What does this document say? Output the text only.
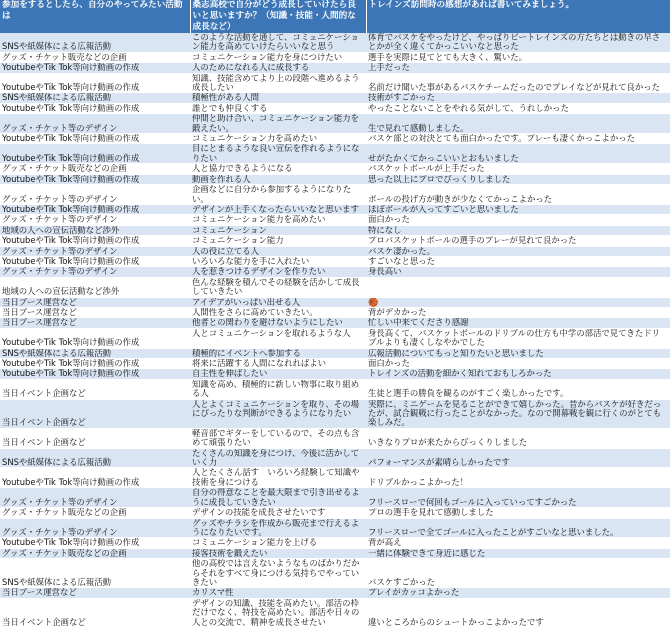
参加をするとしたら、自分のやってみたい活動は	桑志高校で自分がどう成長していけたら良いと思いますか？（知識・技能・人間的な成長など）	トレインズ訪問時の感想があれば書いてみましょう。
SNSや紙媒体による広報活動	このような活動を通して、コミュニケーション能力を高めていけたらいいなと思う	体育でバスケをやったけど、やっぱりビートレインズの方たちとは動きの早さとかが全く違くてかっこいいなと思った
グッズ・チケット販売などの企画	コミュニケーション能力を身につけたい	選手を実際に見てとても大きく、驚いた。
YoutubeやTik Tok等向け動画の作成	人のためになれる人に成長する	上手だった
YoutubeやTik Tok等向け動画の作成	知識、技能含めてより上の段階へ進めるよう成長したい	名前だけ聞いた事があるバスケチームだったのでプレイなどが見れて良かった
SNSや紙媒体による広報活動	積極性がある人間	技術がすごかった
YoutubeやTik Tok等向け動画の作成	誰とでも仲良くする	やったことないことをやれる気がして、うれしかった
グッズ・チケット等のデザイン	仲間と助け合い、コミュニケーション能力を鍛えたい。	生で見れて感動しました。
YoutubeやTik Tok等向け動画の作成	コミュニケーション力を高めたい	バスケ部との対決とても面白かったです。プレーも凄くかっこよかった
YoutubeやTik Tok等向け動画の作成	目にとまるような良い宣伝を作れるようになりたい	せがたかくてかっこいいとおもいました
グッズ・チケット販売などの企画	人と協力できるようになる	バスケットボールが上手だった
YoutubeやTik Tok等向け動画の作成	動画を作れる人	思った以上にプロでびっくりしました
グッズ・チケット等のデザイン	企画などに自分から参加するようになりたい。	ボールの投げ方が動きが少なくてかっこよかった
YoutubeやTik Tok等向け動画の作成	デザインが上手くなったらいいなと思います	ほぼボールが入ってすごいと思いました
グッズ・チケット等のデザイン	コミュニケーション能力を高めたい	面白かった
地域の人への宣伝活動など渉外	コミュニケーション	特になし
YoutubeやTik Tok等向け動画の作成	コミュニケーション能力	プロバスケットボールの選手のプレーが見れて良かった
グッズ・チケット等のデザイン	人の役に立てる人	バスケ凄かった。
YoutubeやTik Tok等向け動画の作成	いろいろな能力を手に入れたい	すごいなと思った
グッズ・チケット等のデザイン	人を惹きつけるデザインを作りたい	身長高い
地域の人への宣伝活動など渉外	色んな経験を積んでその経験を活かして成長していきたい	
当日ブース運営など	アイデアがいっぱい出せる人	🏀
当日ブース運営など	人間性をさらに高めていきたい。	背がデカかった
当日ブース運営など	他者との関わりを避けないようにしたい	忙しい中来てくださり感謝
YoutubeやTik Tok等向け動画の作成	人とコミュニケーションを取れるような人	身長高くて、バスケットボールのドリブルの仕方も中学の部活で見てきたドリブルよりも凄くしなやかでした
SNSや紙媒体による広報活動	積極的にイベントへ参加する	広報活動についてもっと知りたいと思いました
YoutubeやTik Tok等向け動画の作成	将来に活躍する人間になれればよい	面白かった
YoutubeやTik Tok等向け動画の作成	自主性を伸ばしたい	トレインズの活動を細かく知れておもしろかった
当日イベント企画など	知識を高め、積極的に新しい物事に取り組める人	生徒と選手の勝負を観るのがすごく楽しかったです。
当日イベント企画など	人とよくコミュニケーションを取り、その場にぴったりな判断ができるようになりたい	実際に、ミニゲームを見ることができて嬉しかった。昔からバスケが好きだったが、試合観戦に行ったことがなかった。なので開幕戦を観に行くのがとても楽しみだ。
当日イベント企画など	軽音部でギターをしているので、その点も含めて頑張りたい	いきなりプロが来たからびっくりしました
SNSや紙媒体による広報活動	たくさんの知識を身につけ、今後に活かしていく力	パフォーマンスが素晴らしかったです
YoutubeやTik Tok等向け動画の作成	人とたくさん話す　いろいろ経験して知識や技術を身につける	ドリブルかっこよかった！
グッズ・チケット等のデザイン	自分の得意なことを最大限まで引き出せるように成長していきたい	フリースローで何回もゴールに入っていってすごかった
グッズ・チケット販売などの企画	デザインの技能を成長させたいです	プロの選手を見れて感動しました
グッズ・チケット等のデザイン	グッズやチラシを作成から販売まで行えるようになりたいです。	フリースローで全てゴールに入ったことがすごいなと思いました。
YoutubeやTik Tok等向け動画の作成	コミュニケーション能力を上げる	背が高え
グッズ・チケット販売などの企画	接客技術を鍛えたい	一緒に体験できて身近に感じた
SNSや紙媒体による広報活動	他の高校では言えないようなものばかりだからそれをすべて身につける気持ちでやっていきたい	バスケすごかった
当日ブース運営など	カリスマ性	プレイがカッコよかった
当日イベント企画など	デザインの知識、技能を高めたい。部活の枠だけでなく、特技を高めたい。部活や日々の人との交流で、精神を成長させたい	違いところからのシュートかっこよかったです
